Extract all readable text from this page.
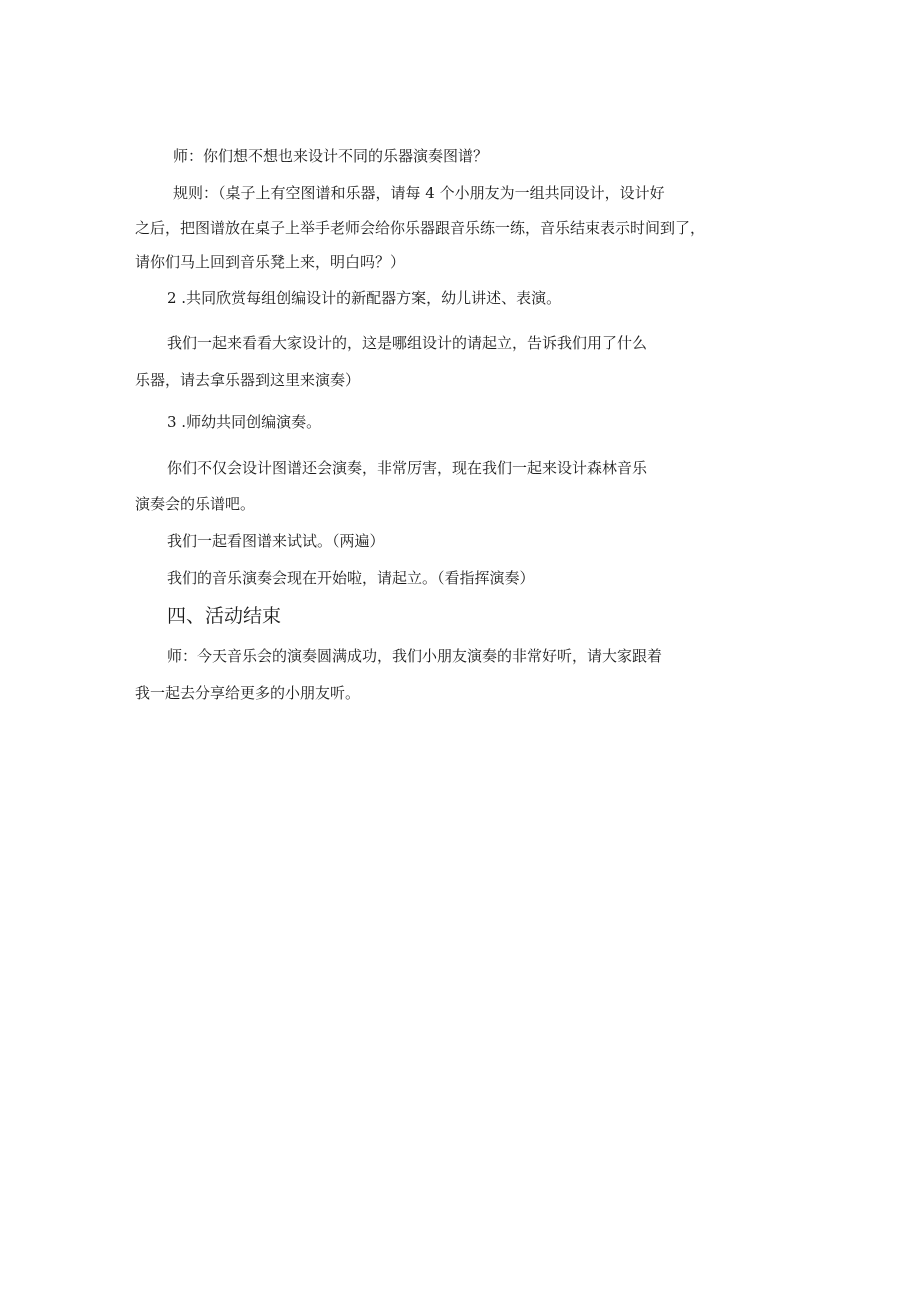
师：你们想不想也来设计不同的乐器演奏图谱？
规则：（桌子上有空图谱和乐器，请每 4 个小朋友为一组共同设计，设计好
之后，把图谱放在桌子上举手老师会给你乐器跟音乐练一练，音乐结束表示时间到了，
请你们马上回到音乐凳上来，明白吗？）
2 .共同欣赏每组创编设计的新配器方案，幼儿讲述、表演。
我们一起来看看大家设计的，这是哪组设计的请起立，告诉我们用了什么
乐器，请去拿乐器到这里来演奏）
3 .师幼共同创编演奏。
你们不仅会设计图谱还会演奏，非常厉害，现在我们一起来设计森林音乐
演奏会的乐谱吧。
我们一起看图谱来试试。（两遍）
我们的音乐演奏会现在开始啦，请起立。（看指挥演奏）
四、活动结束
师：今天音乐会的演奏圆满成功，我们小朋友演奏的非常好听，请大家跟着
我一起去分享给更多的小朋友听。
